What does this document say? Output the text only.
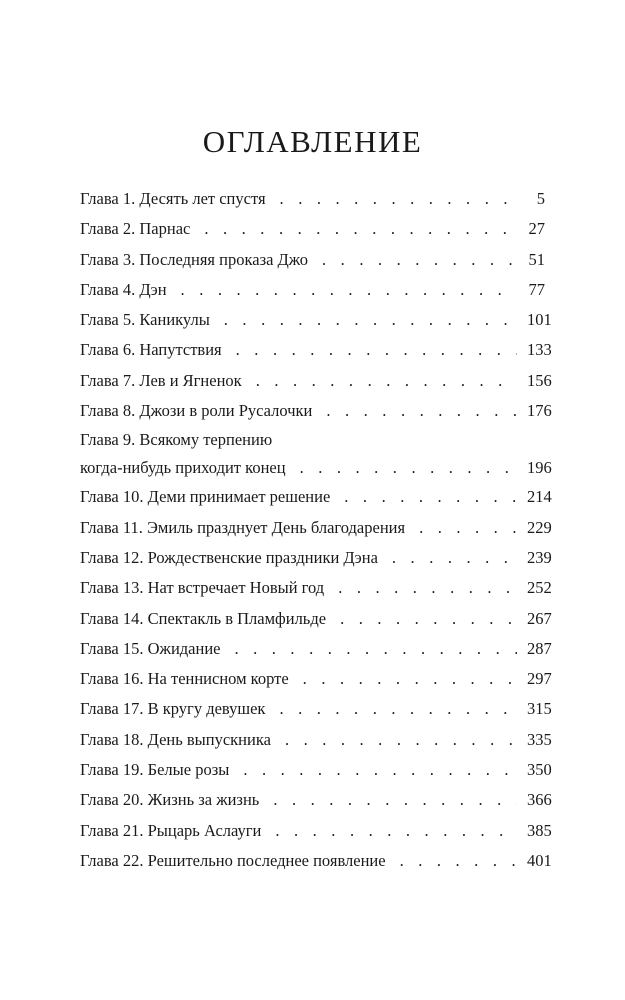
ОГЛАВЛЕНИЕ
Глава 1. Десять лет спустя . . .	5
Глава 2. Парнас . . .	27
Глава 3. Последняя проказа Джо . . .	51
Глава 4. Дэн . . .	77
Глава 5. Каникулы . . .	101
Глава 6. Напутствия . . .	133
Глава 7. Лев и Ягненок . . .	156
Глава 8. Джози в роли Русалочки . . .	176
Глава 9. Всякому терпению
когда-нибудь приходит конец . . .	196
Глава 10. Деми принимает решение . . .	214
Глава 11. Эмиль празднует День благодарения . . .	229
Глава 12. Рождественские праздники Дэна . . .	239
Глава 13. Нат встречает Новый год . . .	252
Глава 14. Спектакль в Пламфильде . . .	267
Глава 15. Ожидание . . .	287
Глава 16. На теннисном корте . . .	297
Глава 17. В кругу девушек . . .	315
Глава 18. День выпускника . . .	335
Глава 19. Белые розы . . .	350
Глава 20. Жизнь за жизнь . . .	366
Глава 21. Рыцарь Аслауги . . .	385
Глава 22. Решительно последнее появление . . .	401
